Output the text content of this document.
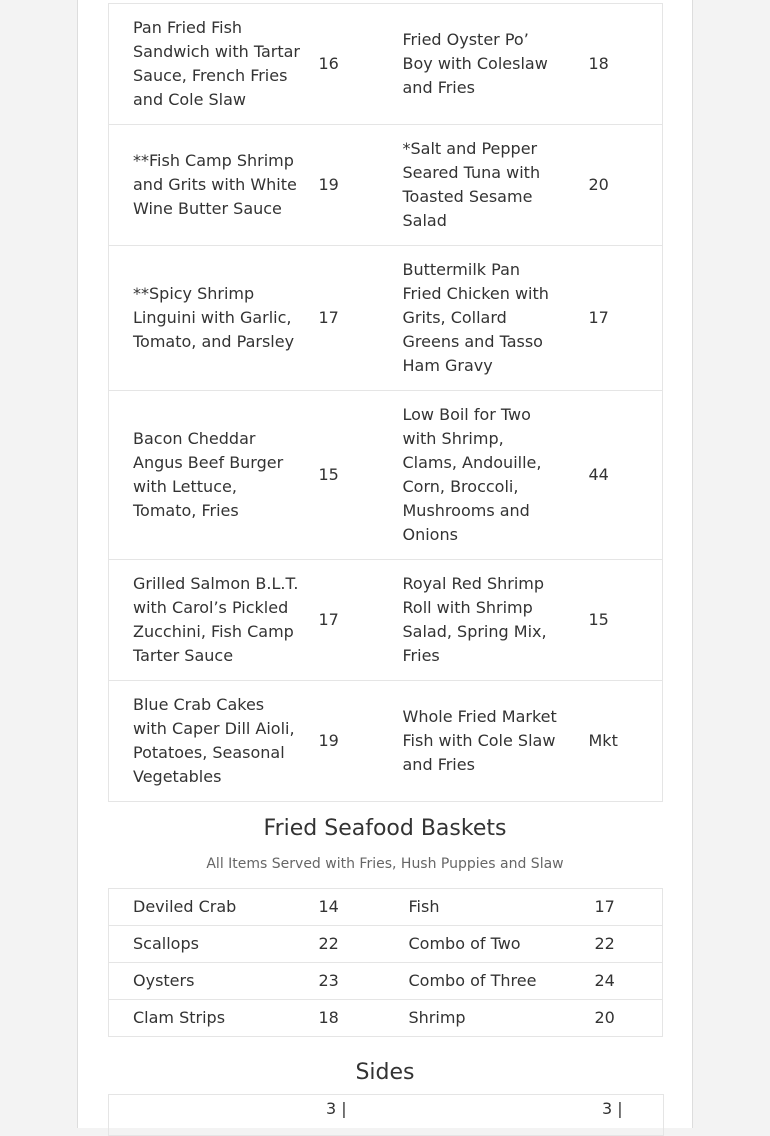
Pan Fried Fish Sandwich with Tartar Sauce, French Fries and Cole Slaw	16	Fried Oyster Po’ Boy with Coleslaw and Fries	18
**Fish Camp Shrimp and Grits with White Wine Butter Sauce	19	*Salt and Pepper Seared Tuna with Toasted Sesame Salad	20
**Spicy Shrimp Linguini with Garlic, Tomato, and Parsley	17	Buttermilk Pan Fried Chicken with Grits, Collard Greens and Tasso Ham Gravy	17
Bacon Cheddar Angus Beef Burger with Lettuce, Tomato, Fries	15	Low Boil for Two with Shrimp, Clams, Andouille, Corn, Broccoli, Mushrooms and Onions	44
Grilled Salmon B.L.T. with Carol’s Pickled Zucchini, Fish Camp Tarter Sauce	17	Royal Red Shrimp Roll with Shrimp Salad, Spring Mix, Fries	15
Blue Crab Cakes with Caper Dill Aioli, Potatoes, Seasonal Vegetables	19	Whole Fried Market Fish with Cole Slaw and Fries	Mkt
Fried Seafood Baskets

All Items Served with Fries, Hush Puppies and Slaw

Deviled Crab	14	Fish	17
Scallops	22	Combo of Two	22
Oysters	23	Combo of Three	24
Clam Strips	18	Shrimp	20
Sides
3 |	3 |
